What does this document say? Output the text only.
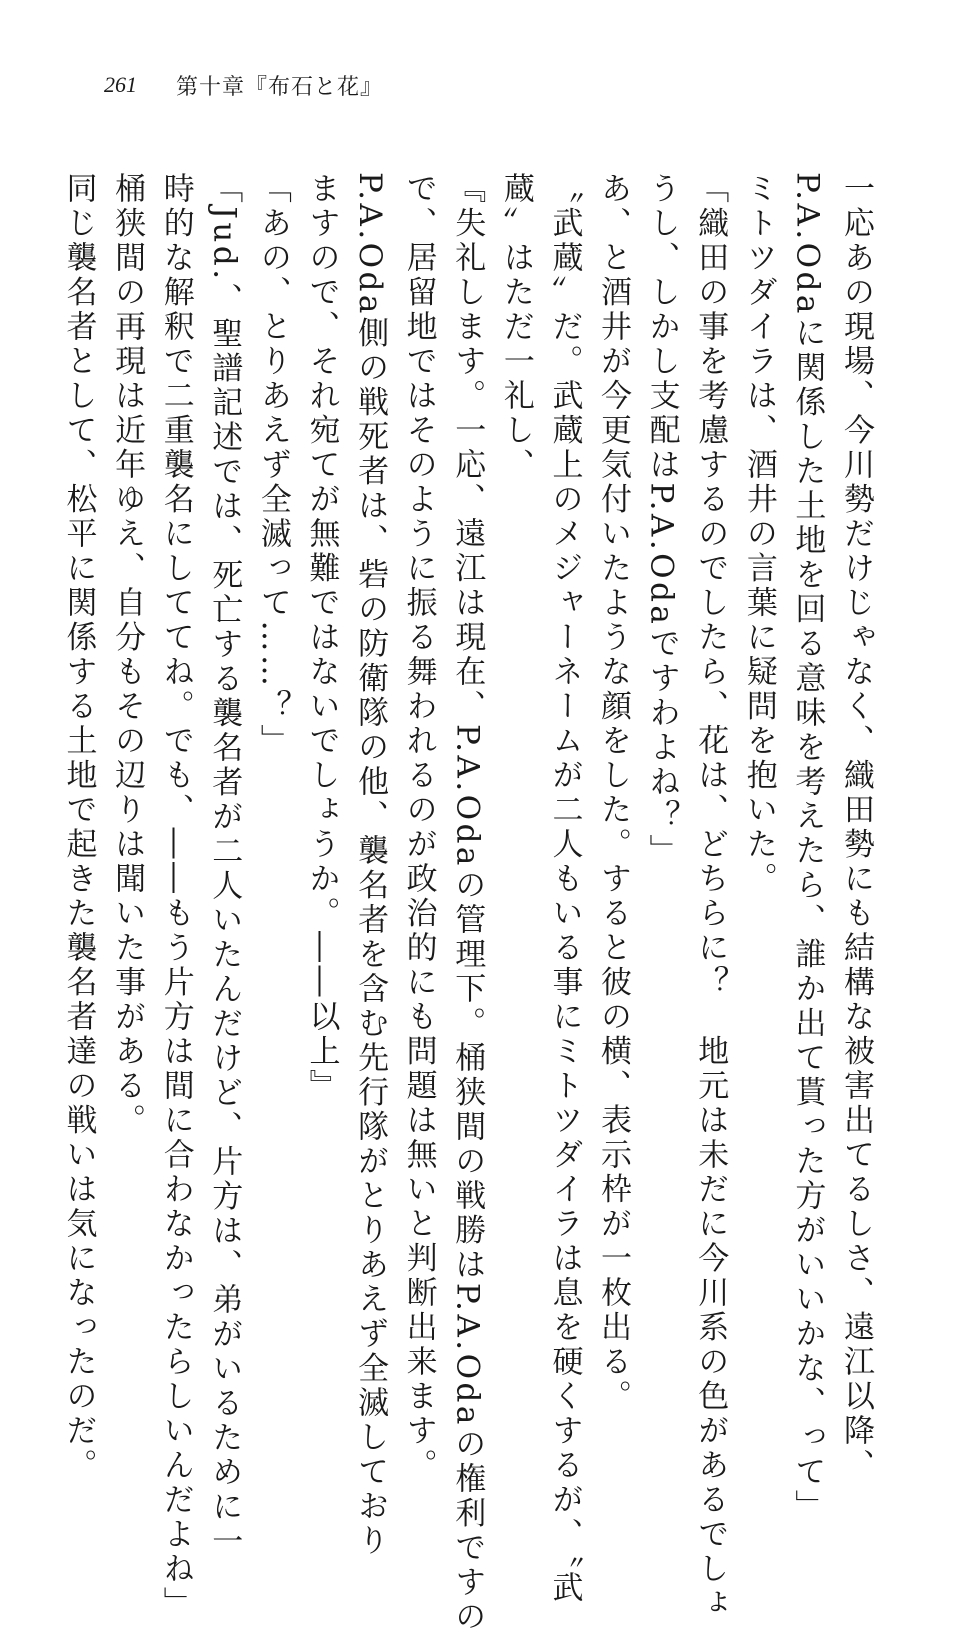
261 第十章『布石と花』
一応あの現場、今川勢だけじゃなく、織田勢にも結構な被害出てるしさ、遠江以降、
P.A.Odaに関係した土地を回る意味を考えたら、誰か出て貰った方がいいかな、って」
ミトツダイラは、酒井の言葉に疑問を抱いた。
「織田の事を考慮するのでしたら、花は、どちらに？　地元は未だに今川系の色があるでしょ
うし、しかし支配はP.A.Odaですわよね？」
あ、と酒井が今更気付いたような顔をした。すると彼の横、表示枠が一枚出る。
〝武蔵〟だ。武蔵上のメジャーネームが二人もいる事にミトツダイラは息を硬くするが、〝武
蔵〟はただ一礼し、
『失礼します。一応、遠江は現在、P.A.Odaの管理下。桶狭間の戦勝はP.A.Odaの権利ですの
で、居留地ではそのように振る舞われるのが政治的にも問題は無いと判断出来ます。
P.A.Oda側の戦死者は、砦の防衛隊の他、襲名者を含む先行隊がとりあえず全滅しており
ますので、それ宛てが無難ではないでしょうか。――以上』
「あの、とりあえず全滅って……？」
「Jud.、聖譜記述では、死亡する襲名者が二人いたんだけど、片方は、弟がいるために一
時的な解釈で二重襲名にしててね。でも、――もう片方は間に合わなかったらしいんだよね」
桶狭間の再現は近年ゆえ、自分もその辺りは聞いた事がある。
同じ襲名者として、松平に関係する土地で起きた襲名者達の戦いは気になったのだ。
